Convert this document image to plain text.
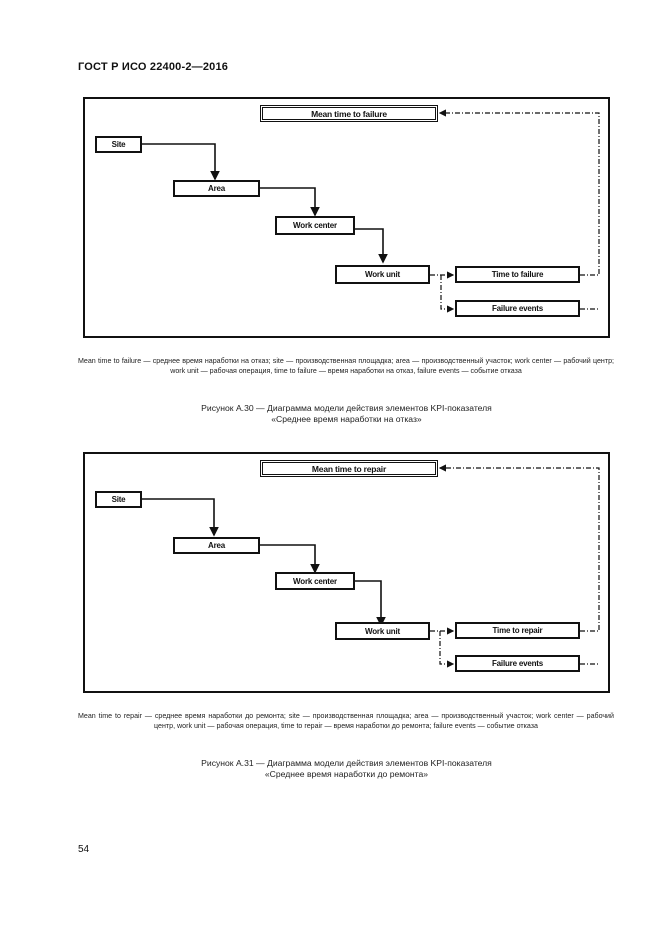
ГОСТ Р ИСО 22400-2—2016
Mean time to failure
Site
Area
Work center
Work unit	Time to failure
Failure events
Mean time to failure — среднее время наработки на отказ; site — производственная площадка; area — производственный участок; work center — рабочий центр; work unit — рабочая операция, time to failure — время наработки на отказ, failure events — событие отказа
Рисунок А.30 — Диаграмма модели действия элементов KPI-показателя
«Среднее время наработки на отказ»
Mean time to repair
Site
Area
Work center
Work unit	Time to repair
Failure events
Mean time to repair — среднее время наработки до ремонта; site — производственная площадка; area — производственный участок; work center — рабочий центр, work unit — рабочая операция, time to repair — время наработки до ремонта; failure events — событие отказа
Рисунок А.31 — Диаграмма модели действия элементов KPI-показателя
«Среднее время наработки до ремонта»
54
